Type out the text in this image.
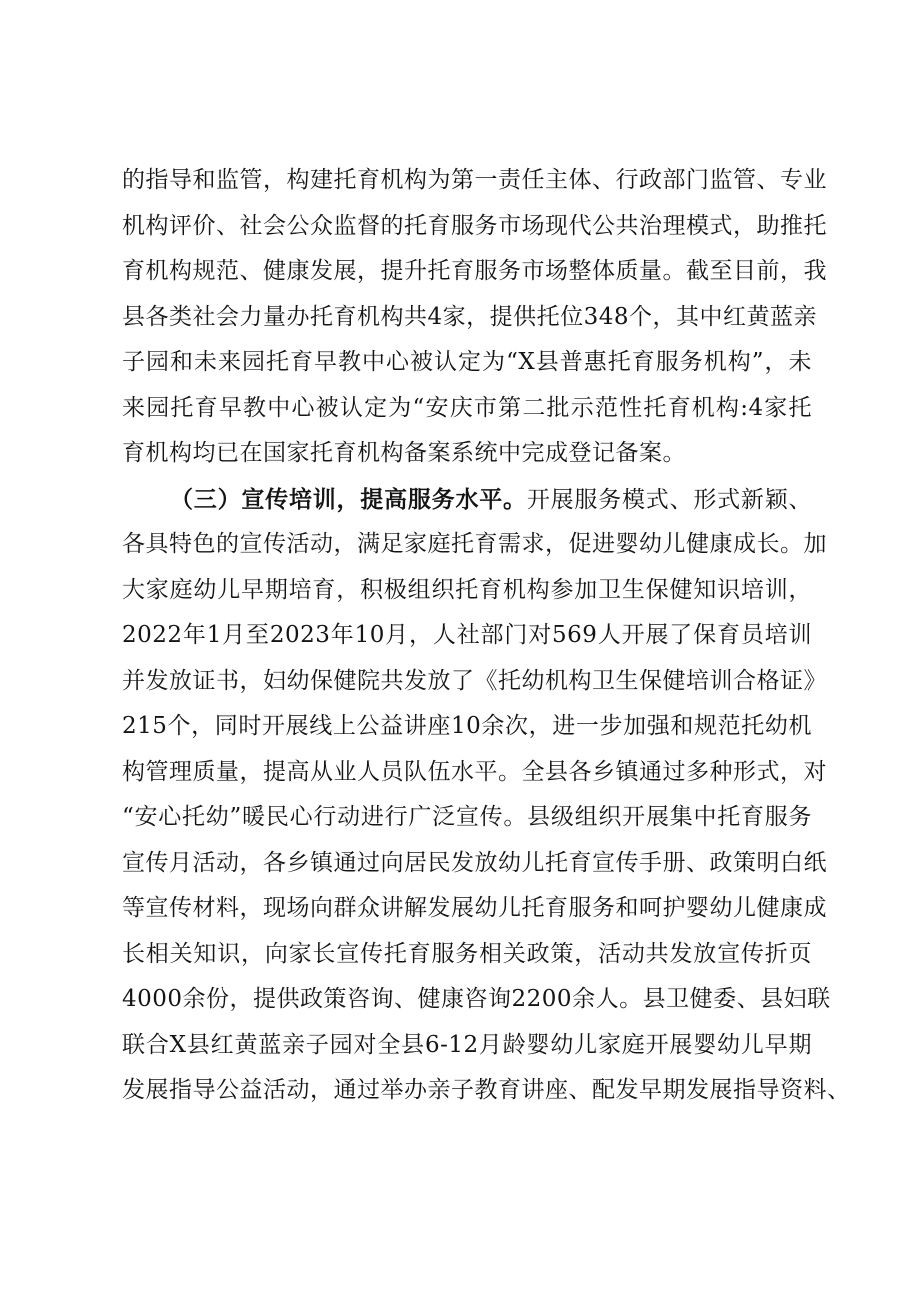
的指导和监管，构建托育机构为第一责任主体、行政部门监管、专业
机构评价、社会公众监督的托育服务市场现代公共治理模式，助推托
育机构规范、健康发展，提升托育服务市场整体质量。截至目前，我
县各类社会力量办托育机构共4家，提供托位348个，其中红黄蓝亲
子园和未来园托育早教中心被认定为“X县普惠托育服务机构”，未
来园托育早教中心被认定为“安庆市第二批示范性托育机构:4家托
育机构均已在国家托育机构备案系统中完成登记备案。
（三）宣传培训，提高服务水平。开展服务模式、形式新颖、
各具特色的宣传活动，满足家庭托育需求，促进婴幼儿健康成长。加
大家庭幼儿早期培育，积极组织托育机构参加卫生保健知识培训，
2022年1月至2023年10月，人社部门对569人开展了保育员培训
并发放证书，妇幼保健院共发放了《托幼机构卫生保健培训合格证》
215个，同时开展线上公益讲座10余次，进一步加强和规范托幼机
构管理质量，提高从业人员队伍水平。全县各乡镇通过多种形式，对
“安心托幼”暖民心行动进行广泛宣传。县级组织开展集中托育服务
宣传月活动，各乡镇通过向居民发放幼儿托育宣传手册、政策明白纸
等宣传材料，现场向群众讲解发展幼儿托育服务和呵护婴幼儿健康成
长相关知识，向家长宣传托育服务相关政策，活动共发放宣传折页
4000余份，提供政策咨询、健康咨询2200余人。县卫健委、县妇联
联合X县红黄蓝亲子园对全县6-12月龄婴幼儿家庭开展婴幼儿早期
发展指导公益活动，通过举办亲子教育讲座、配发早期发展指导资料、
